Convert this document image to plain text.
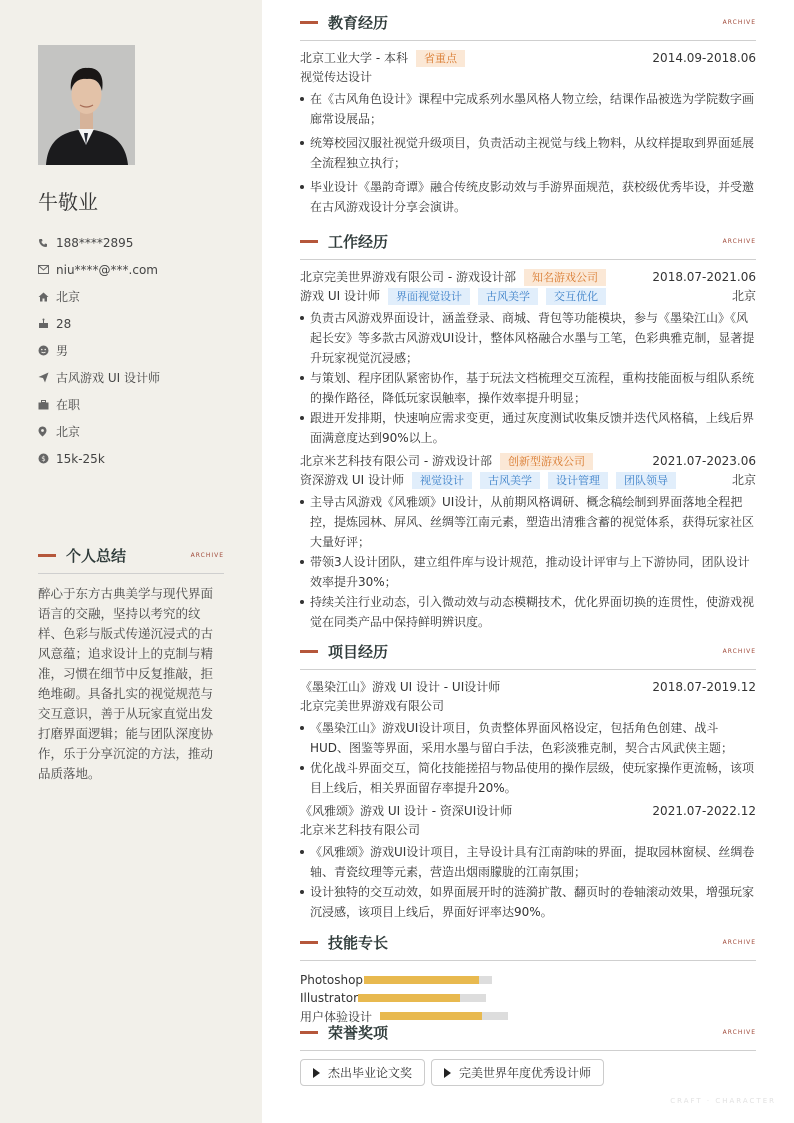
牛敬业
188****2895
niu****@***.com
北京
28
男
古风游戏 UI 设计师
在职
北京
$ 15k-25k
个人总结	ARCHIVE
醉心于东方古典美学与现代界面语言的交融，坚持以考究的纹样、色彩与版式传递沉浸式的古风意蕴；追求设计上的克制与精准，习惯在细节中反复推敲，拒绝堆砌。具备扎实的视觉规范与交互意识，善于从玩家直觉出发打磨界面逻辑；能与团队深度协作，乐于分享沉淀的方法，推动品质落地。
教育经历	ARCHIVE
北京工业大学 - 本科	省重点	2014.09-2018.06
视觉传达设计
在《古风角色设计》课程中完成系列水墨风格人物立绘，结课作品被选为学院数字画廊常设展品；
统筹校园汉服社视觉升级项目，负责活动主视觉与线上物料，从纹样提取到界面延展全流程独立执行；
毕业设计《墨韵奇谭》融合传统皮影动效与手游界面规范，获校级优秀毕设，并受邀在古风游戏设计分享会演讲。
工作经历	ARCHIVE
北京完美世界游戏有限公司 - 游戏设计部	知名游戏公司	2018.07-2021.06
游戏 UI 设计师	界面视觉设计	古风美学	交互优化	北京
负责古风游戏界面设计，涵盖登录、商城、背包等功能模块，参与《墨染江山》《风起长安》等多款古风游戏UI设计，整体风格融合水墨与工笔，色彩典雅克制，显著提升玩家视觉沉浸感；
与策划、程序团队紧密协作，基于玩法文档梳理交互流程，重构技能面板与组队系统的操作路径，降低玩家误触率，操作效率提升明显；
跟进开发排期，快速响应需求变更，通过灰度测试收集反馈并迭代风格稿，上线后界面满意度达到90%以上。
北京米艺科技有限公司 - 游戏设计部	创新型游戏公司	2021.07-2023.06
资深游戏 UI 设计师	视觉设计	古风美学	设计管理	团队领导	北京
主导古风游戏《风雅颂》UI设计，从前期风格调研、概念稿绘制到界面落地全程把控，提炼园林、屏风、丝绸等江南元素，塑造出清雅含蓄的视觉体系，获得玩家社区大量好评；
带领3人设计团队，建立组件库与设计规范，推动设计评审与上下游协同，团队设计效率提升30%；
持续关注行业动态，引入微动效与动态模糊技术，优化界面切换的连贯性，使游戏视觉在同类产品中保持鲜明辨识度。
项目经历	ARCHIVE
《墨染江山》游戏 UI 设计 - UI设计师	2018.07-2019.12
北京完美世界游戏有限公司
《墨染江山》游戏UI设计项目，负责整体界面风格设定，包括角色创建、战斗HUD、图鉴等界面，采用水墨与留白手法，色彩淡雅克制，契合古风武侠主题；
优化战斗界面交互，简化技能搓招与物品使用的操作层级，使玩家操作更流畅，该项目上线后，相关界面留存率提升20%。
《风雅颂》游戏 UI 设计 - 资深UI设计师	2021.07-2022.12
北京米艺科技有限公司
《风雅颂》游戏UI设计项目，主导设计具有江南韵味的界面，提取园林窗棂、丝绸卷轴、青瓷纹理等元素，营造出烟雨朦胧的江南氛围；
设计独特的交互动效，如界面展开时的涟漪扩散、翻页时的卷轴滚动效果，增强玩家沉浸感，该项目上线后，界面好评率达90%。
技能专长	ARCHIVE
Photoshop
Illustrator
用户体验设计
荣誉奖项	ARCHIVE
杰出毕业论文奖	完美世界年度优秀设计师
CRAFT · CHARACTER
